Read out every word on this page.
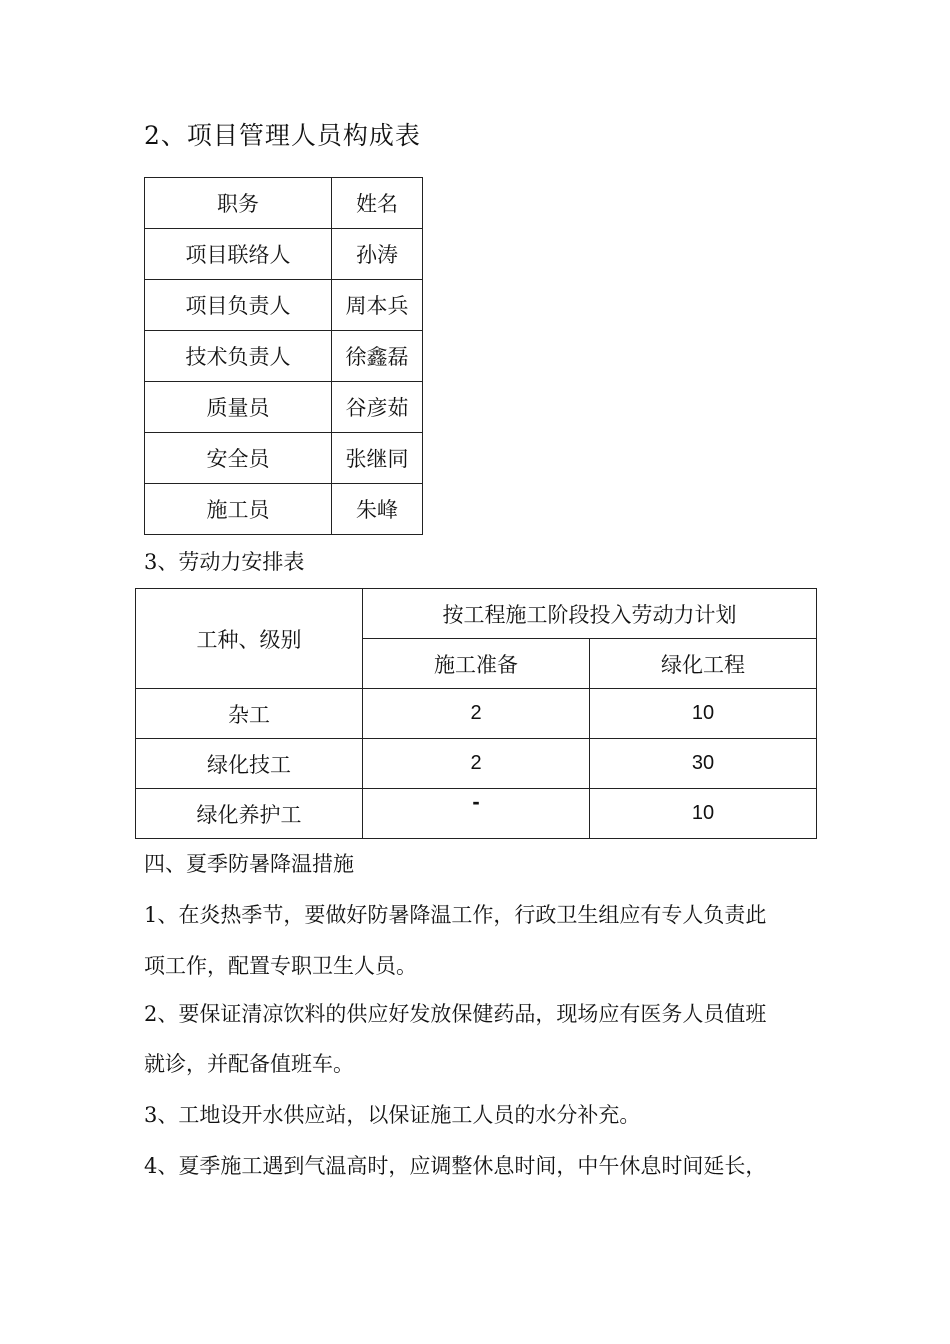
2、项目管理人员构成表
职务	姓名
项目联络人	孙涛
项目负责人	周本兵
技术负责人	徐鑫磊
质量员	谷彦茹
安全员	张继同
施工员	朱峰
3、劳动力安排表
工种、级别	按工程施工阶段投入劳动力计划	
	施工准备	绿化工程
杂工	2	10
绿化技工	2	30
绿化养护工	-	10
四、夏季防暑降温措施
1、在炎热季节，要做好防暑降温工作，行政卫生组应有专人负责此
项工作，配置专职卫生人员。
2、要保证清凉饮料的供应好发放保健药品，现场应有医务人员值班
就诊，并配备值班车。
3、工地设开水供应站，以保证施工人员的水分补充。
4、夏季施工遇到气温高时，应调整休息时间，中午休息时间延长，
